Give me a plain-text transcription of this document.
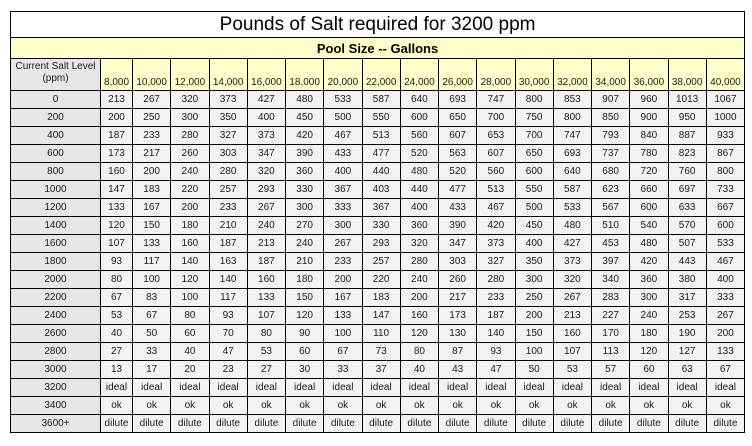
Pounds of Salt required for 3200 ppm																	
Pool Size -- Gallons																	
Current Salt Level
(ppm)	8,000	10,000	12,000	14,000	16,000	18,000	20,000	22,000	24,000	26,000	28,000	30,000	32,000	34,000	36,000	38,000	40,000
0	213	267	320	373	427	480	533	587	640	693	747	800	853	907	960	1013	1067
200	200	250	300	350	400	450	500	550	600	650	700	750	800	850	900	950	1000
400	187	233	280	327	373	420	467	513	560	607	653	700	747	793	840	887	933
600	173	217	260	303	347	390	433	477	520	563	607	650	693	737	780	823	867
800	160	200	240	280	320	360	400	440	480	520	560	600	640	680	720	760	800
1000	147	183	220	257	293	330	367	403	440	477	513	550	587	623	660	697	733
1200	133	167	200	233	267	300	333	367	400	433	467	500	533	567	600	633	667
1400	120	150	180	210	240	270	300	330	360	390	420	450	480	510	540	570	600
1600	107	133	160	187	213	240	267	293	320	347	373	400	427	453	480	507	533
1800	93	117	140	163	187	210	233	257	280	303	327	350	373	397	420	443	467
2000	80	100	120	140	160	180	200	220	240	260	280	300	320	340	360	380	400
2200	67	83	100	117	133	150	167	183	200	217	233	250	267	283	300	317	333
2400	53	67	80	93	107	120	133	147	160	173	187	200	213	227	240	253	267
2600	40	50	60	70	80	90	100	110	120	130	140	150	160	170	180	190	200
2800	27	33	40	47	53	60	67	73	80	87	93	100	107	113	120	127	133
3000	13	17	20	23	27	30	33	37	40	43	47	50	53	57	60	63	67
3200	ideal	ideal	ideal	ideal	ideal	ideal	ideal	ideal	ideal	ideal	ideal	ideal	ideal	ideal	ideal	ideal	ideal
3400	ok	ok	ok	ok	ok	ok	ok	ok	ok	ok	ok	ok	ok	ok	ok	ok	ok
3600+	dilute	dilute	dilute	dilute	dilute	dilute	dilute	dilute	dilute	dilute	dilute	dilute	dilute	dilute	dilute	dilute	dilute
